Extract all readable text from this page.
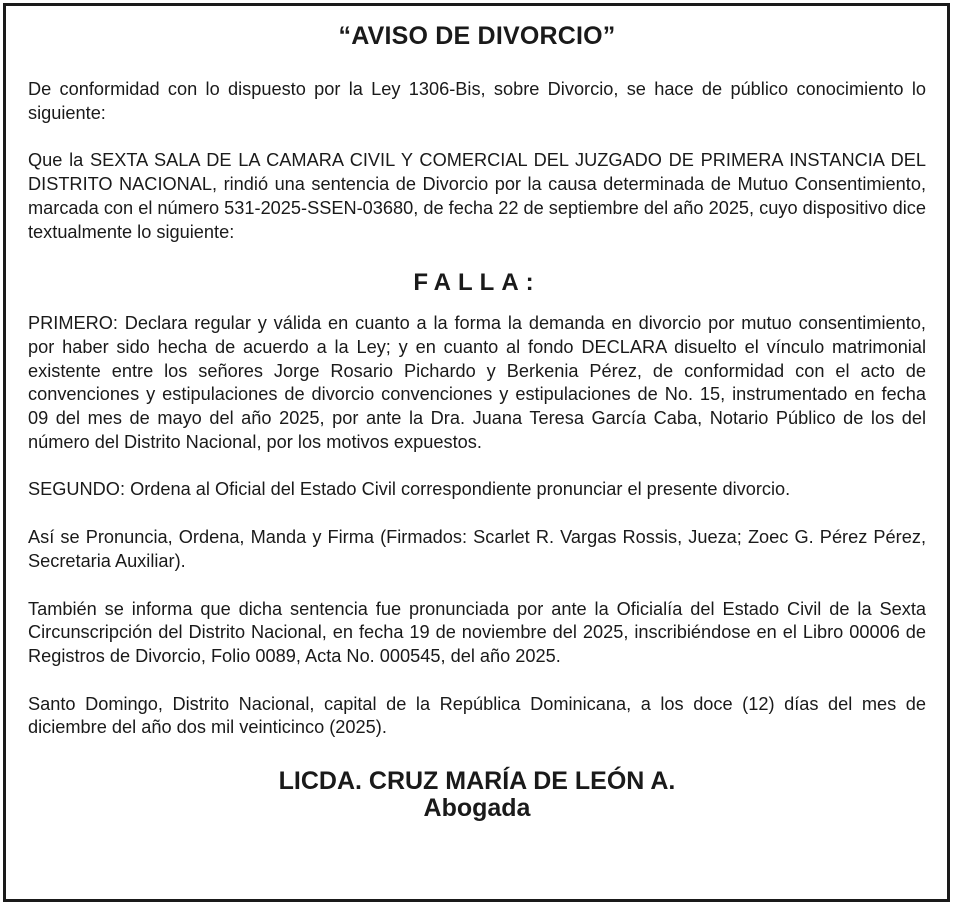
“AVISO DE DIVORCIO”

De conformidad con lo dispuesto por la Ley 1306-Bis, sobre Divorcio, se hace de público conocimiento lo siguiente:

Que la SEXTA SALA DE LA CAMARA CIVIL Y COMERCIAL DEL JUZGADO DE PRIMERA INSTANCIA DEL DISTRITO NACIONAL, rindió una sentencia de Divorcio por la causa determinada de Mutuo Consentimiento, marcada con el número 531-2025-SSEN-03680, de fecha 22 de septiembre del año 2025, cuyo dispositivo dice textualmente lo siguiente:

FALLA:

PRIMERO: Declara regular y válida en cuanto a la forma la demanda en divorcio por mutuo consentimiento, por haber sido hecha de acuerdo a la Ley; y en cuanto al fondo DECLARA disuelto el vínculo matrimonial existente entre los señores Jorge Rosario Pichardo y Berkenia Pérez, de conformidad con el acto de convenciones y estipulaciones de divorcio convenciones y estipulaciones de No. 15, instrumentado en fecha 09 del mes de mayo del año 2025, por ante la Dra. Juana Teresa García Caba, Notario Público de los del número del Distrito Nacional, por los motivos expuestos.

SEGUNDO: Ordena al Oficial del Estado Civil correspondiente pronunciar el presente divorcio.

Así se Pronuncia, Ordena, Manda y Firma (Firmados: Scarlet R. Vargas Rossis, Jueza; Zoec G. Pérez Pérez, Secretaria Auxiliar).

También se informa que dicha sentencia fue pronunciada por ante la Oficialía del Estado Civil de la Sexta Circunscripción del Distrito Nacional, en fecha 19 de noviembre del 2025, inscribiéndose en el Libro 00006 de Registros de Divorcio, Folio 0089, Acta No. 000545, del año 2025.

Santo Domingo, Distrito Nacional, capital de la República Dominicana, a los doce (12) días del mes de diciembre del año dos mil veinticinco (2025).

LICDA. CRUZ MARÍA DE LEÓN A.

Abogada
